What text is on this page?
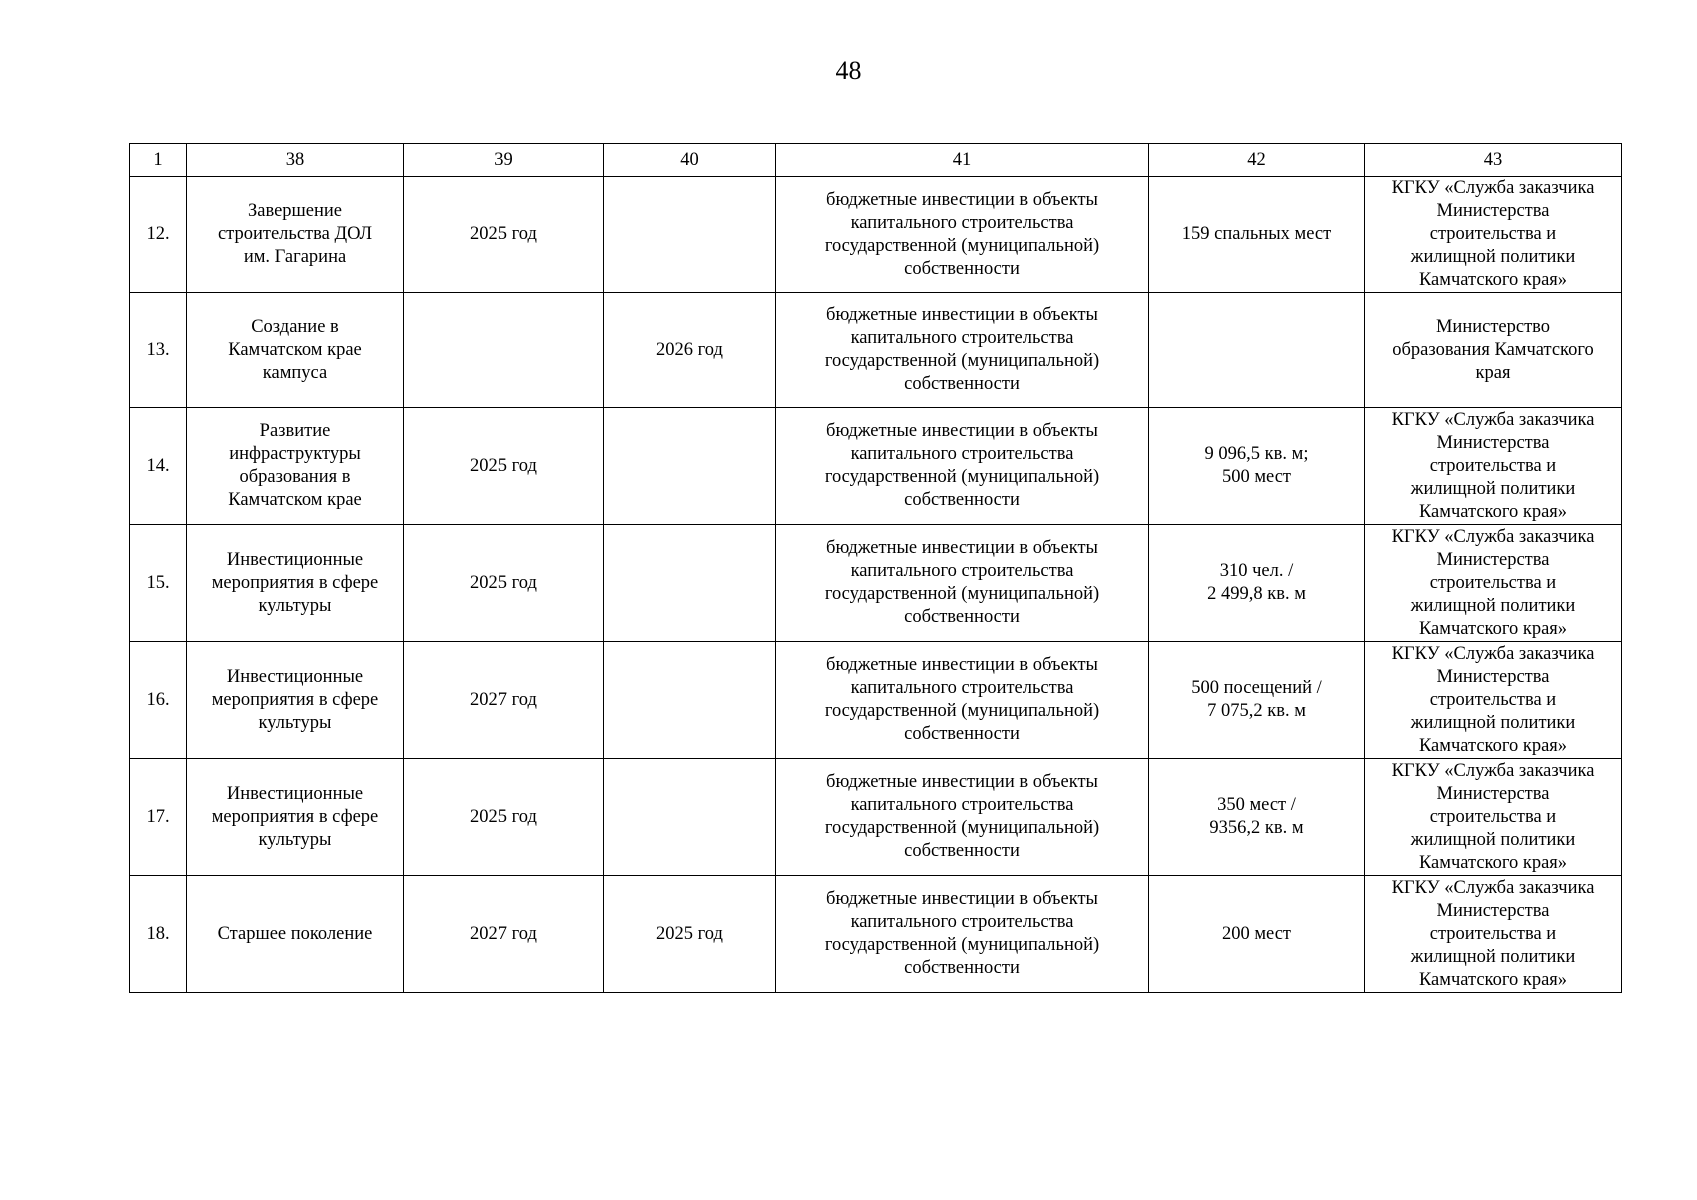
48
1	38	39	40	41	42	43

12.	Завершение
строительства ДОЛ
им. Гагарина	2025 год		бюджетные инвестиции в объекты
капитального строительства
государственной (муниципальной)
собственности	159 спальных мест	КГКУ «Служба заказчика
Министерства
строительства и
жилищной политики
Камчатского края»

13.	Создание в
Камчатском крае
кампуса		2026 год	бюджетные инвестиции в объекты
капитального строительства
государственной (муниципальной)
собственности		Министерство
образования Камчатского
края

14.	Развитие
инфраструктуры
образования в
Камчатском крае	2025 год		бюджетные инвестиции в объекты
капитального строительства
государственной (муниципальной)
собственности	9 096,5 кв. м;
500 мест	КГКУ «Служба заказчика
Министерства
строительства и
жилищной политики
Камчатского края»

15.	Инвестиционные
мероприятия в сфере
культуры	2025 год		бюджетные инвестиции в объекты
капитального строительства
государственной (муниципальной)
собственности	310 чел. /
2 499,8 кв. м	КГКУ «Служба заказчика
Министерства
строительства и
жилищной политики
Камчатского края»

16.	Инвестиционные
мероприятия в сфере
культуры	2027 год		бюджетные инвестиции в объекты
капитального строительства
государственной (муниципальной)
собственности	500 посещений /
7 075,2 кв. м	КГКУ «Служба заказчика
Министерства
строительства и
жилищной политики
Камчатского края»

17.	Инвестиционные
мероприятия в сфере
культуры	2025 год		бюджетные инвестиции в объекты
капитального строительства
государственной (муниципальной)
собственности	350 мест /
9356,2 кв. м	КГКУ «Служба заказчика
Министерства
строительства и
жилищной политики
Камчатского края»

18.	Старшее поколение	2027 год	2025 год	бюджетные инвестиции в объекты
капитального строительства
государственной (муниципальной)
собственности	200 мест	КГКУ «Служба заказчика
Министерства
строительства и
жилищной политики
Камчатского края»
